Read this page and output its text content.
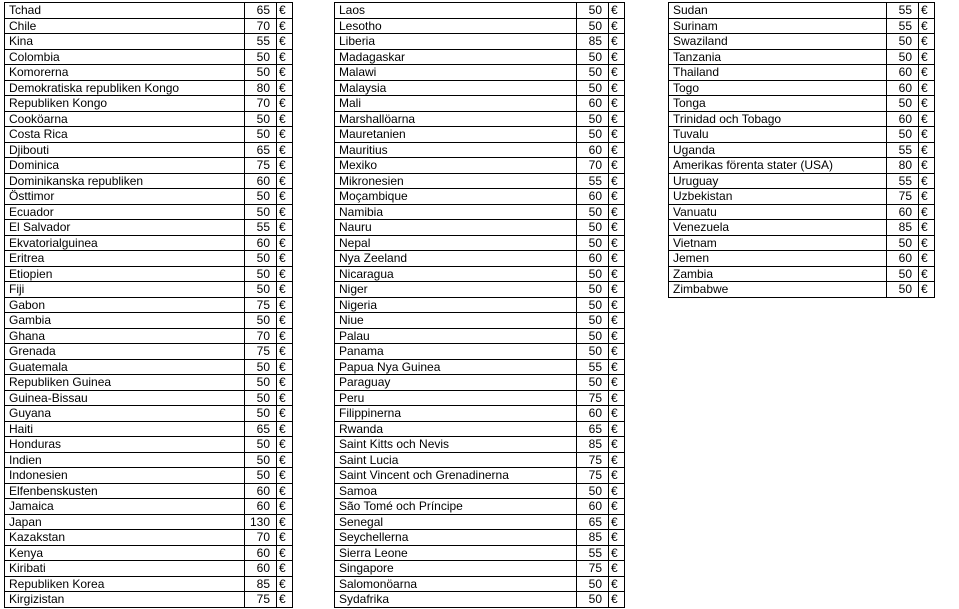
Tchad	65	€
Chile	70	€
Kina	55	€
Colombia	50	€
Komorerna	50	€
Demokratiska republiken Kongo	80	€
Republiken Kongo	70	€
Cooköarna	50	€
Costa Rica	50	€
Djibouti	65	€
Dominica	75	€
Dominikanska republiken	60	€
Östtimor	50	€
Ecuador	50	€
El Salvador	55	€
Ekvatorialguinea	60	€
Eritrea	50	€
Etiopien	50	€
Fiji	50	€
Gabon	75	€
Gambia	50	€
Ghana	70	€
Grenada	75	€
Guatemala	50	€
Republiken Guinea	50	€
Guinea-Bissau	50	€
Guyana	50	€
Haiti	65	€
Honduras	50	€
Indien	50	€
Indonesien	50	€
Elfenbenskusten	60	€
Jamaica	60	€
Japan	130	€
Kazakstan	70	€
Kenya	60	€
Kiribati	60	€
Republiken Korea	85	€
Kirgizistan	75	€
Laos	50	€
Lesotho	50	€
Liberia	85	€
Madagaskar	50	€
Malawi	50	€
Malaysia	50	€
Mali	60	€
Marshallöarna	50	€
Mauretanien	50	€
Mauritius	60	€
Mexiko	70	€
Mikronesien	55	€
Moçambique	60	€
Namibia	50	€
Nauru	50	€
Nepal	50	€
Nya Zeeland	60	€
Nicaragua	50	€
Niger	50	€
Nigeria	50	€
Niue	50	€
Palau	50	€
Panama	50	€
Papua Nya Guinea	55	€
Paraguay	50	€
Peru	75	€
Filippinerna	60	€
Rwanda	65	€
Saint Kitts och Nevis	85	€
Saint Lucia	75	€
Saint Vincent och Grenadinerna	75	€
Samoa	50	€
São Tomé och Príncipe	60	€
Senegal	65	€
Seychellerna	85	€
Sierra Leone	55	€
Singapore	75	€
Salomonöarna	50	€
Sydafrika	50	€
Sudan	55	€
Surinam	55	€
Swaziland	50	€
Tanzania	50	€
Thailand	60	€
Togo	60	€
Tonga	50	€
Trinidad och Tobago	60	€
Tuvalu	50	€
Uganda	55	€
Amerikas förenta stater (USA)	80	€
Uruguay	55	€
Uzbekistan	75	€
Vanuatu	60	€
Venezuela	85	€
Vietnam	50	€
Jemen	60	€
Zambia	50	€
Zimbabwe	50	€
